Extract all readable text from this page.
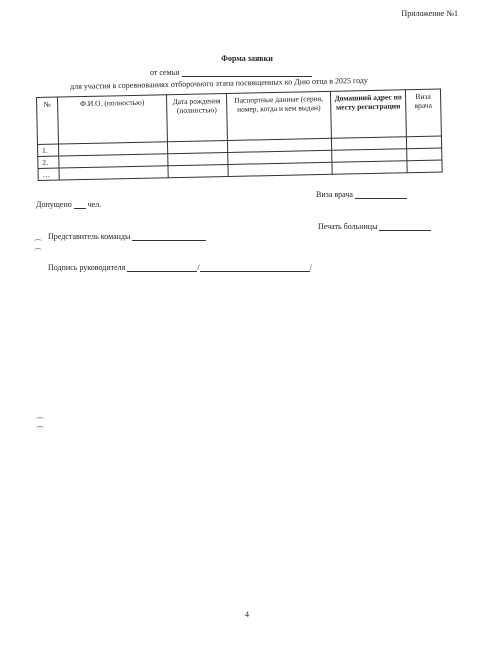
Приложение №1
Форма заявки
от семьи
для участия в соревнованиях отборочного этапа посвященных ко Дню отца в 2025 году
№	Ф.И.О. (полностью)	Дата рождения (полностью)	Паспортные данные (серия, номер, когда и кем выдан)	Домашний адрес по месту регистрации	Виза врача
1.					
2.					
…					
Виза врача
Допущено чел.
Печать больницы
Представитель команды
Подпись руководителя	/	/
4
